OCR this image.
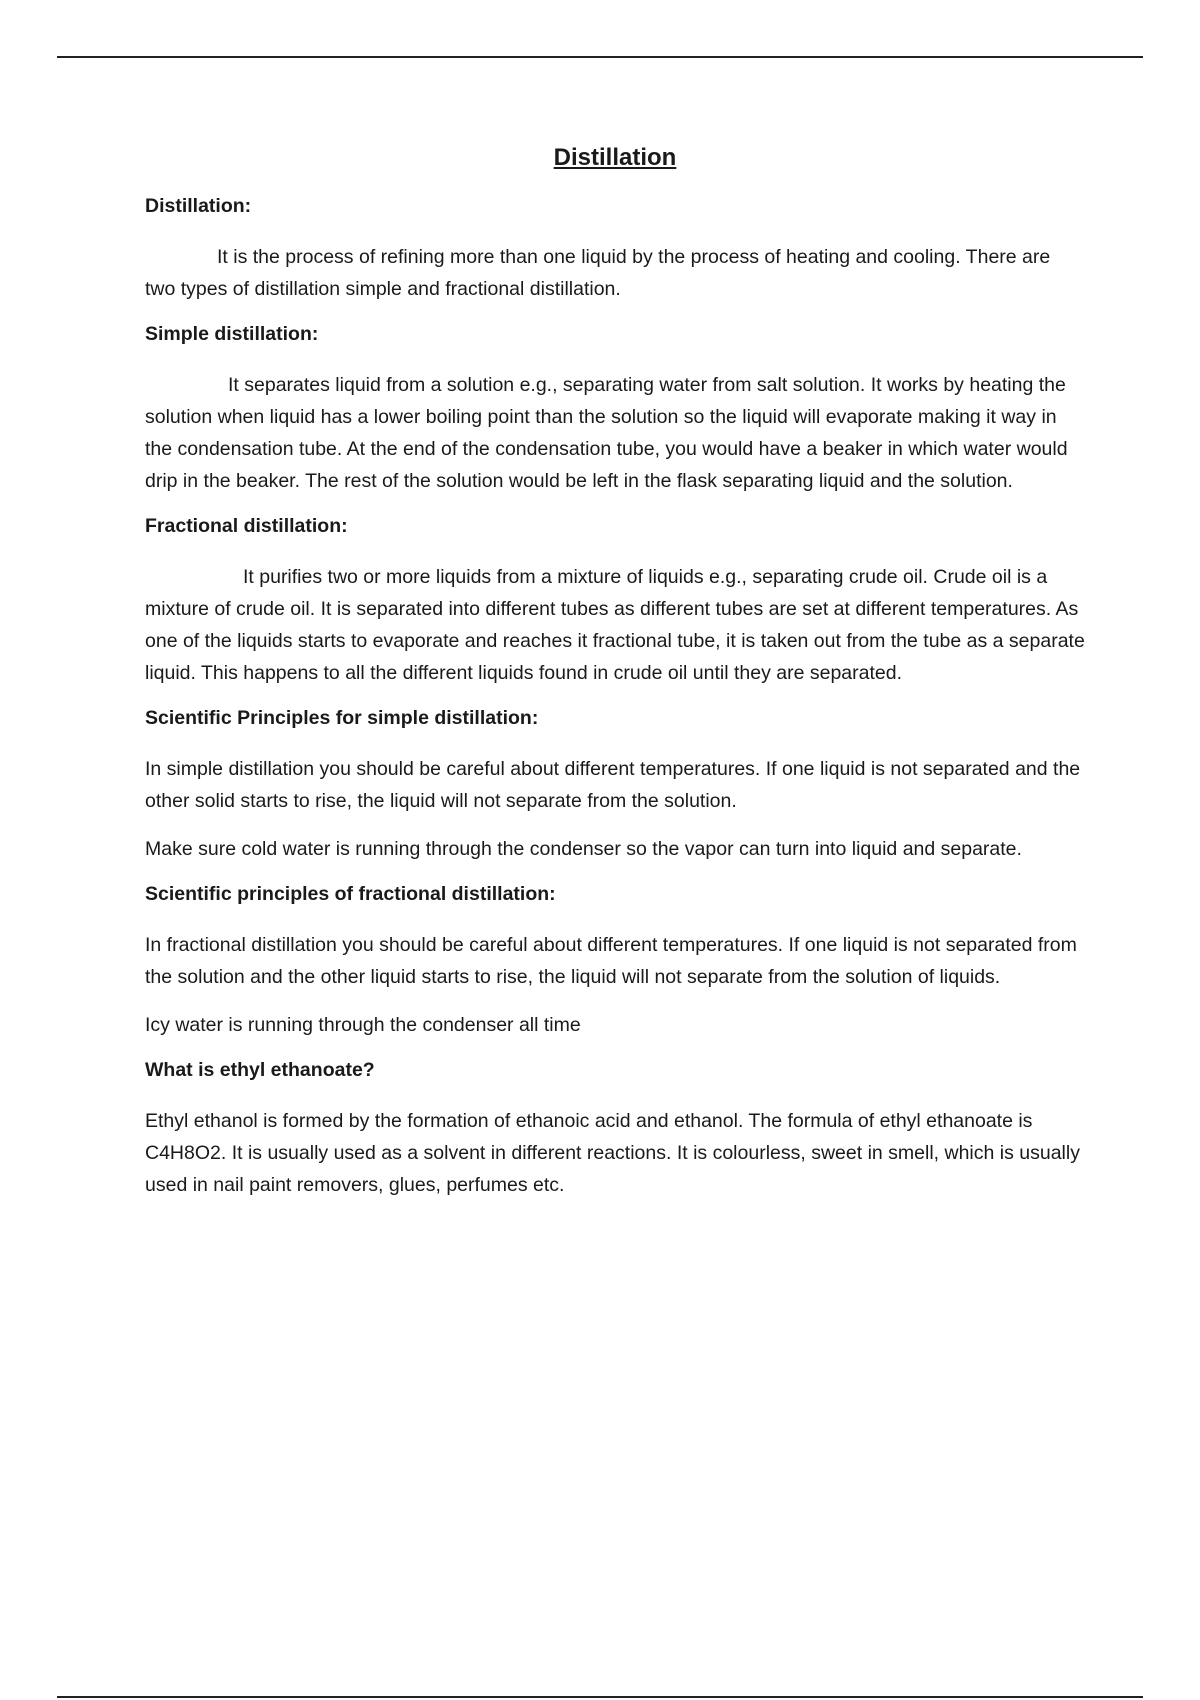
Distillation
Distillation:

It is the process of refining more than one liquid by the process of heating and cooling. There are two types of distillation simple and fractional distillation.

Simple distillation:

It separates liquid from a solution e.g., separating water from salt solution. It works by heating the solution when liquid has a lower boiling point than the solution so the liquid will evaporate making it way in the condensation tube. At the end of the condensation tube, you would have a beaker in which water would drip in the beaker. The rest of the solution would be left in the flask separating liquid and the solution.

Fractional distillation:

It purifies two or more liquids from a mixture of liquids e.g., separating crude oil. Crude oil is a mixture of crude oil. It is separated into different tubes as different tubes are set at different temperatures. As one of the liquids starts to evaporate and reaches it fractional tube, it is taken out from the tube as a separate liquid. This happens to all the different liquids found in crude oil until they are separated.

Scientific Principles for simple distillation:

In simple distillation you should be careful about different temperatures. If one liquid is not separated and the other solid starts to rise, the liquid will not separate from the solution.

Make sure cold water is running through the condenser so the vapor can turn into liquid and separate.

Scientific principles of fractional distillation:

In fractional distillation you should be careful about different temperatures. If one liquid is not separated from the solution and the other liquid starts to rise, the liquid will not separate from the solution of liquids.

Icy water is running through the condenser all time

What is ethyl ethanoate?

Ethyl ethanol is formed by the formation of ethanoic acid and ethanol. The formula of ethyl ethanoate is C4H8O2. It is usually used as a solvent in different reactions. It is colourless, sweet in smell, which is usually used in nail paint removers, glues, perfumes etc.
